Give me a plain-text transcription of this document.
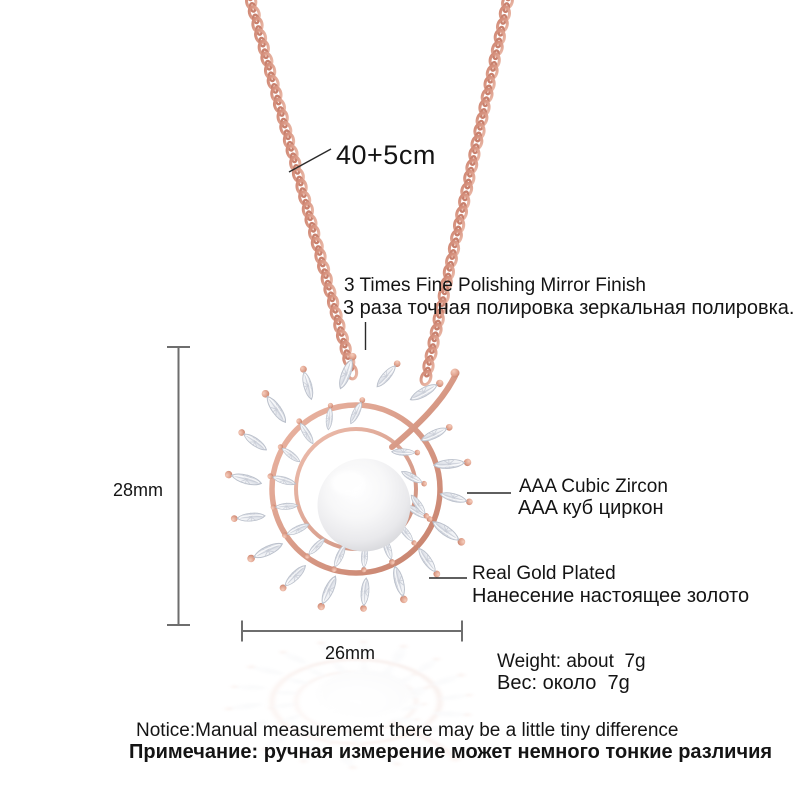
40+5cm
3 Times Fine Polishing Mirror Finish
3 раза точная полировка зеркальная полировка.
28mm	AAA Cubic Zircon
AAA куб циркон
Real Gold Plated
Нанесение настоящее золото
26mm	Weight: about  7g
Вес: около  7g
Notice:Manual measurememt there may be a little tiny difference
Примечание: ручная измерение может немного тонкие различия
